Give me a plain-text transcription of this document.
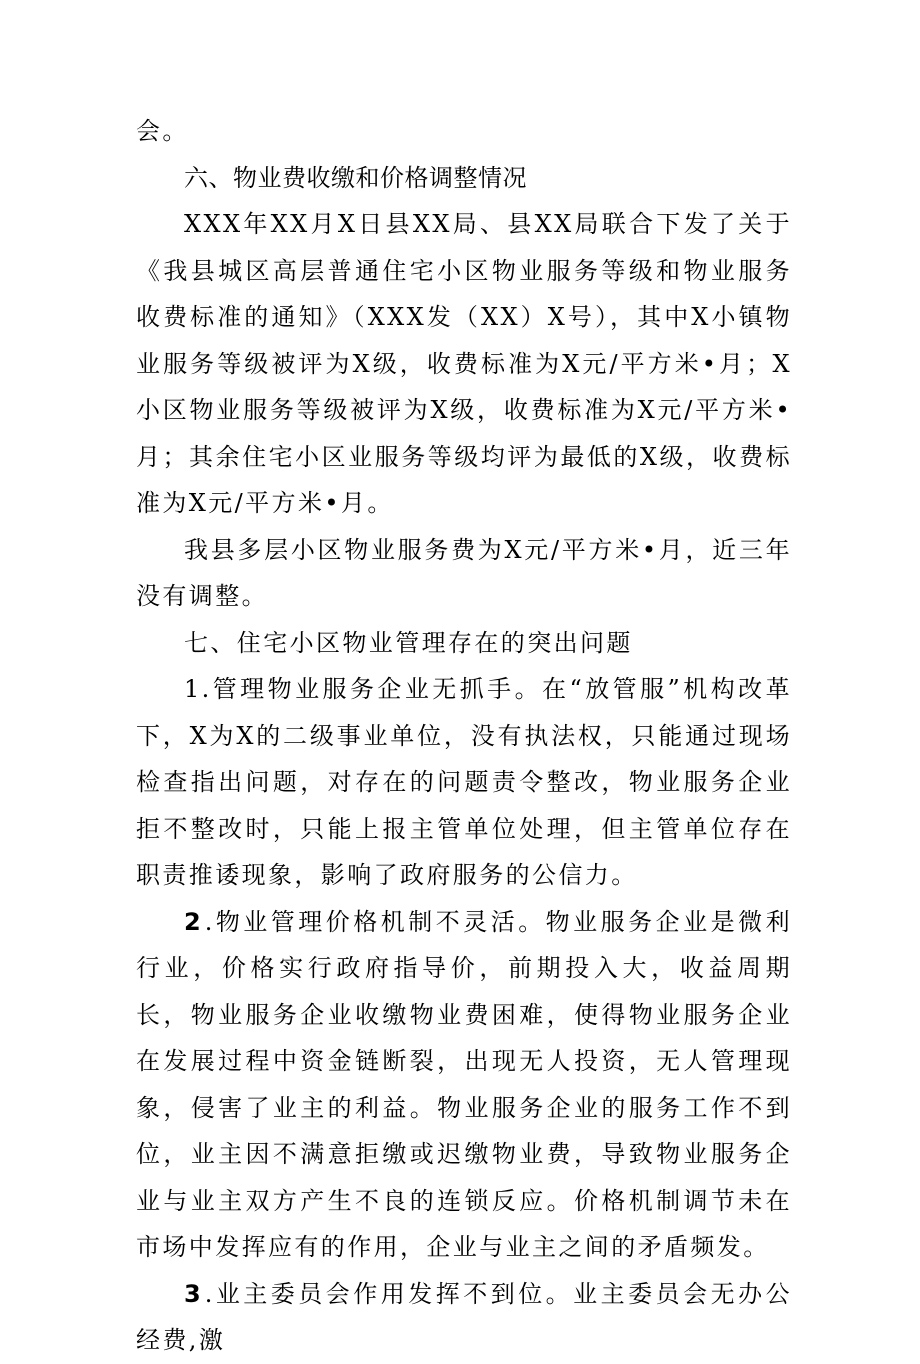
会。

六、物业费收缴和价格调整情况

XXX年XX月X日县XX局、县XX局联合下发了关于《我县城区高层普通住宅小区物业服务等级和物业服务收费标准的通知》（XXX发（XX）X号），其中X小镇物业服务等级被评为X级，收费标准为X元/平方米•月；X小区物业服务等级被评为X级，收费标准为X元/平方米•月；其余住宅小区业服务等级均评为最低的X级，收费标准为X元/平方米•月。

我县多层小区物业服务费为X元/平方米•月，近三年没有调整。

七、住宅小区物业管理存在的突出问题

1.管理物业服务企业无抓手。在“放管服”机构改革下，X为X的二级事业单位，没有执法权，只能通过现场检查指出问题，对存在的问题责令整改，物业服务企业拒不整改时，只能上报主管单位处理，但主管单位存在职责推诿现象，影响了政府服务的公信力。

2.物业管理价格机制不灵活。物业服务企业是微利行业，价格实行政府指导价，前期投入大，收益周期长，物业服务企业收缴物业费困难，使得物业服务企业在发展过程中资金链断裂，出现无人投资，无人管理现象，侵害了业主的利益。物业服务企业的服务工作不到位，业主因不满意拒缴或迟缴物业费，导致物业服务企业与业主双方产生不良的连锁反应。价格机制调节未在市场中发挥应有的作用，企业与业主之间的矛盾频发。

3.业主委员会作用发挥不到位。业主委员会无办公经费,激
